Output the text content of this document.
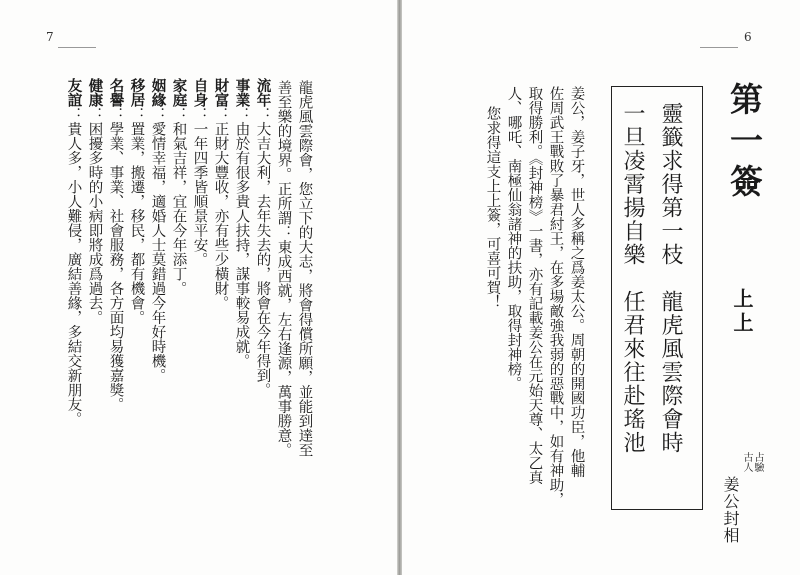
7	6
龍虎風雲際會，您立下的大志，將會得償所願，並能到達至
善至樂的境界。正所謂：東成西就，左右逢源，萬事勝意。
流年：大吉大利，去年失去的，將會在今年得到。
事業：由於有很多貴人扶持，謀事較易成就。
財富：正財大豐收，亦有些少橫財。
自身：一年四季皆順景平安。
家庭：和氣吉祥，宜在今年添丁。
姻緣：愛情幸福，適婚人士莫錯過今年好時機。
移居：置業，搬遷，移民，都有機會。
名譽：學業、事業、社會服務，各方面均易獲嘉獎。
健康：困擾多時的小病即將成爲過去。
友誼：貴人多，小人難侵，廣結善緣，多結交新朋友。	第一簽
上上
占驗
古人
姜公封相
靈籤求得第一枝　龍虎風雲際會時
一旦凌霄揚自樂　任君來往赴瑤池
姜公，姜子牙，世人多稱之爲姜太公。周朝的開國功臣，他輔
佐周武王戰敗了暴君紂王，在多場敵強我弱的惡戰中，如有神助，
取得勝利。《封神榜》一書，亦有記載姜公在元始天尊、太乙真
人、哪吒、南極仙翁諸神的扶助，取得封神榜。
您求得這支上上簽，可喜可賀！
